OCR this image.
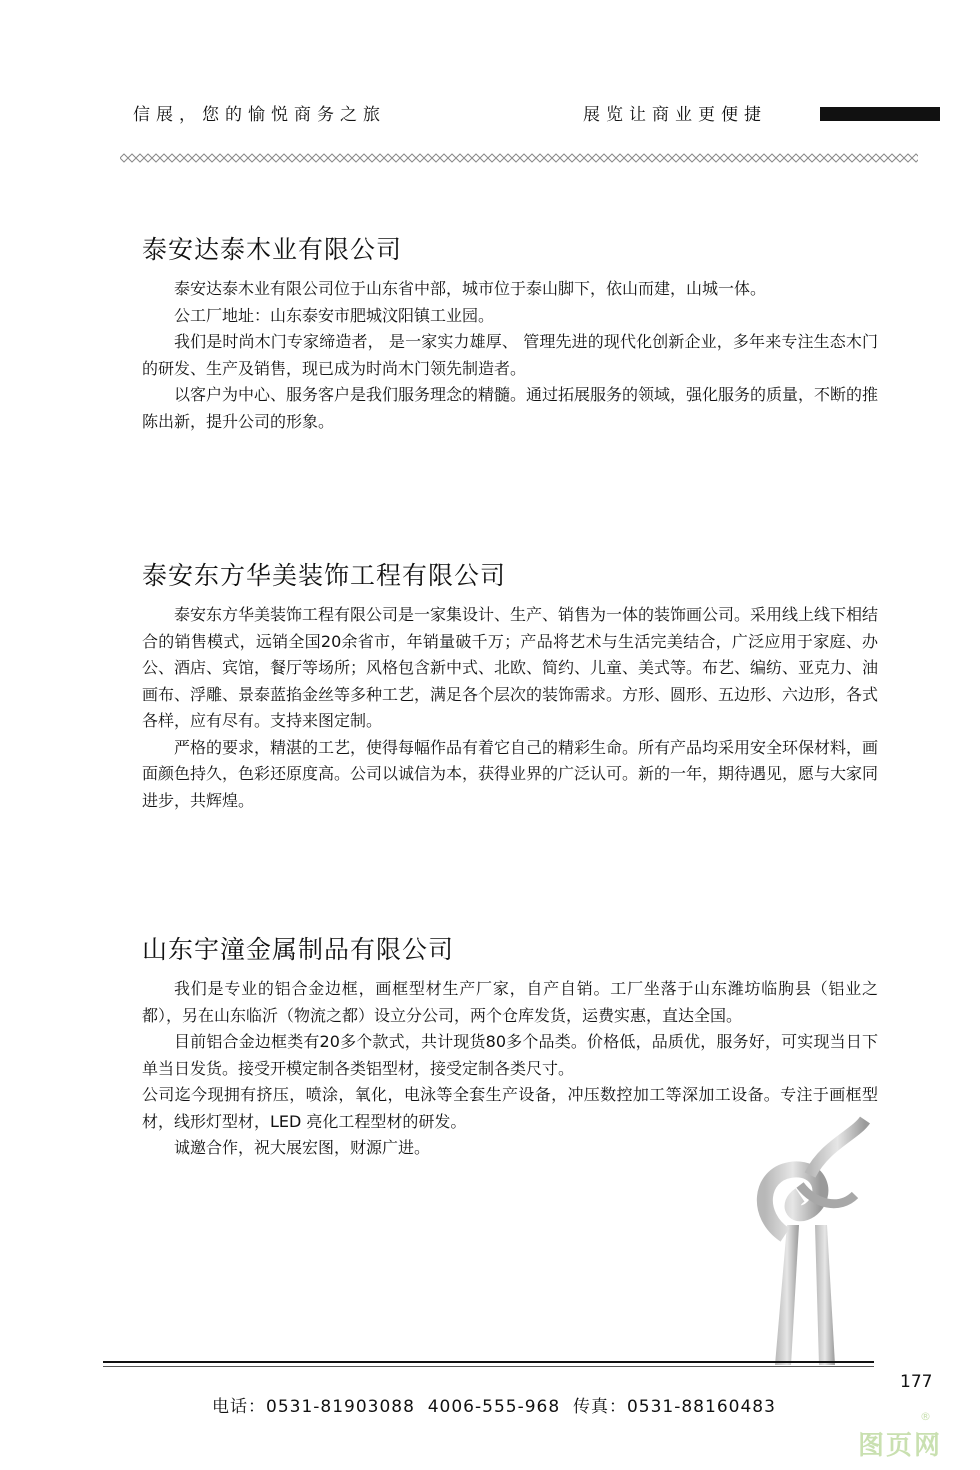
信展，您的愉悦商务之旅	展览让商业更便捷
泰安达泰木业有限公司

泰安达泰木业有限公司位于山东省中部，城市位于泰山脚下，依山而建，山城一体。

公工厂地址：山东泰安市肥城汶阳镇工业园。

我们是时尚木门专家缔造者， 是一家实力雄厚、 管理先进的现代化创新企业，多年来专注生态木门的研发、生产及销售，现已成为时尚木门领先制造者。

以客户为中心、服务客户是我们服务理念的精髓。通过拓展服务的领域，强化服务的质量，不断的推陈出新，提升公司的形象。

泰安东方华美装饰工程有限公司

泰安东方华美装饰工程有限公司是一家集设计、生产、销售为一体的装饰画公司。采用线上线下相结合的销售模式，远销全国20余省市，年销量破千万；产品将艺术与生活完美结合，广泛应用于家庭、办公、酒店、宾馆，餐厅等场所；风格包含新中式、北欧、简约、儿童、美式等。布艺、编纺、亚克力、油画布、浮雕、景泰蓝掐金丝等多种工艺，满足各个层次的装饰需求。方形、圆形、五边形、六边形，各式各样，应有尽有。支持来图定制。

严格的要求，精湛的工艺，使得每幅作品有着它自己的精彩生命。所有产品均采用安全环保材料，画面颜色持久，色彩还原度高。公司以诚信为本，获得业界的广泛认可。新的一年，期待遇见，愿与大家同进步，共辉煌。

山东宇潼金属制品有限公司

我们是专业的铝合金边框，画框型材生产厂家，自产自销。工厂坐落于山东潍坊临朐县（铝业之都），另在山东临沂（物流之都）设立分公司，两个仓库发货，运费实惠，直达全国。

目前铝合金边框类有20多个款式，共计现货80多个品类。价格低，品质优，服务好，可实现当日下单当日发货。接受开模定制各类铝型材，接受定制各类尺寸。

公司迄今现拥有挤压，喷涂，氧化，电泳等全套生产设备，冲压数控加工等深加工设备。专注于画框型材，线形灯型材，LED 亮化工程型材的研发。

诚邀合作，祝大展宏图，财源广进。

177
电话：0531-81903088  4006-555-968  传真：0531-88160483
图页网
®
